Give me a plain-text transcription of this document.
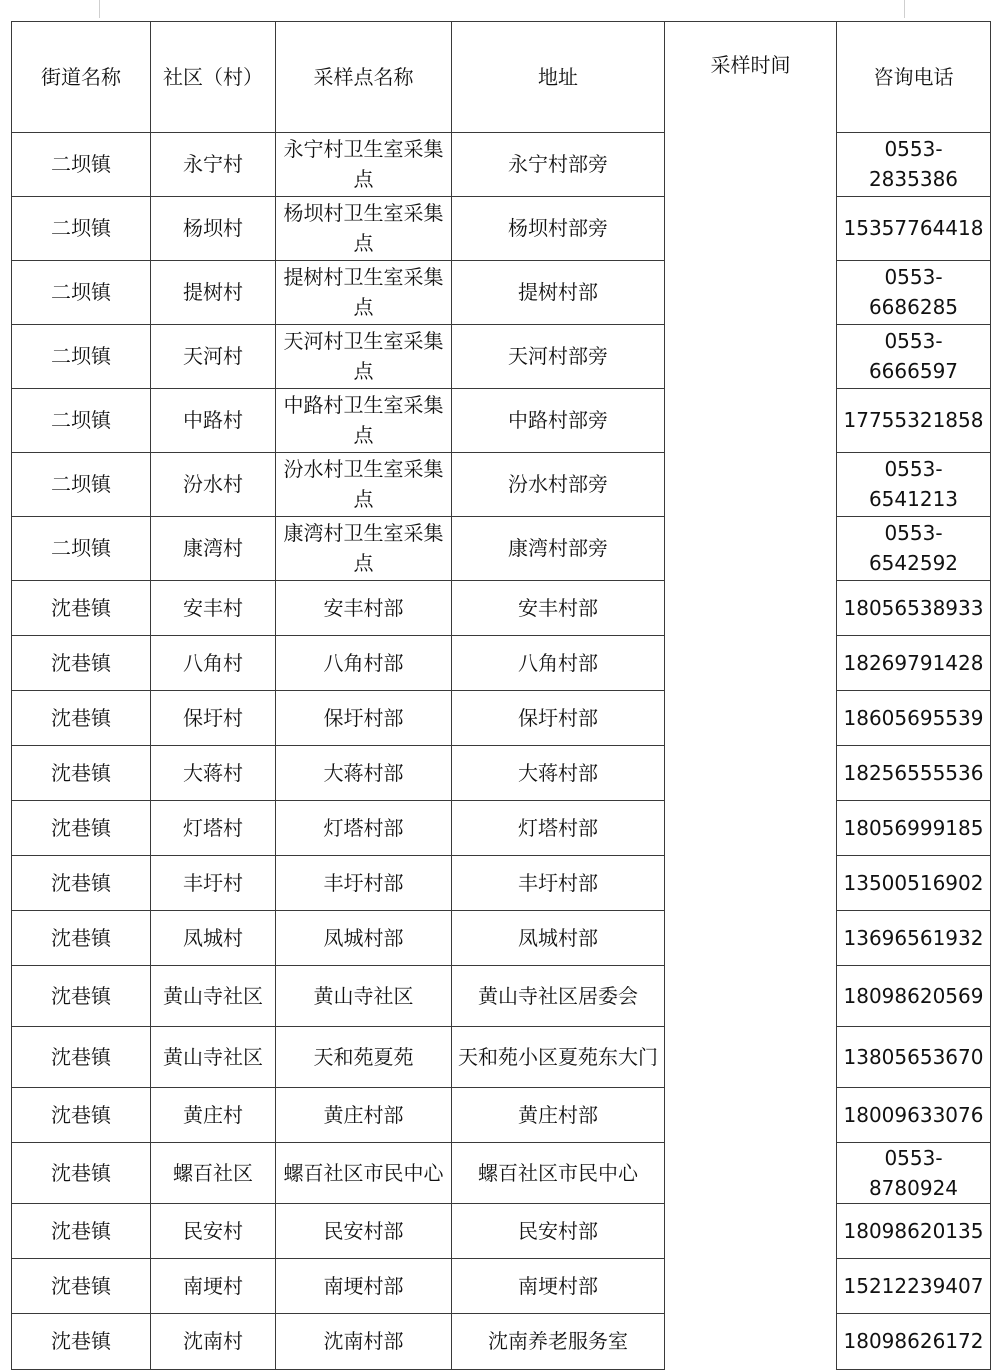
街道名称	社区（村）	采样点名称	地址	采样时间	咨询电话
二坝镇	永宁村	永宁村卫生室采集点	永宁村部旁		0553-2835386
二坝镇	杨坝村	杨坝村卫生室采集点	杨坝村部旁		15357764418
二坝镇	提树村	提树村卫生室采集点	提树村部		0553-6686285
二坝镇	天河村	天河村卫生室采集点	天河村部旁		0553-6666597
二坝镇	中路村	中路村卫生室采集点	中路村部旁		17755321858
二坝镇	汾水村	汾水村卫生室采集点	汾水村部旁		0553-6541213
二坝镇	康湾村	康湾村卫生室采集点	康湾村部旁		0553-6542592
沈巷镇	安丰村	安丰村部	安丰村部		18056538933
沈巷镇	八角村	八角村部	八角村部		18269791428
沈巷镇	保圩村	保圩村部	保圩村部		18605695539
沈巷镇	大蒋村	大蒋村部	大蒋村部		18256555536
沈巷镇	灯塔村	灯塔村部	灯塔村部		18056999185
沈巷镇	丰圩村	丰圩村部	丰圩村部		13500516902
沈巷镇	凤城村	凤城村部	凤城村部		13696561932
沈巷镇	黄山寺社区	黄山寺社区	黄山寺社区居委会		18098620569
沈巷镇	黄山寺社区	天和苑夏苑	天和苑小区夏苑东大门		13805653670
沈巷镇	黄庄村	黄庄村部	黄庄村部		18009633076
沈巷镇	螺百社区	螺百社区市民中心	螺百社区市民中心		0553-8780924
沈巷镇	民安村	民安村部	民安村部		18098620135
沈巷镇	南埂村	南埂村部	南埂村部		15212239407
沈巷镇	沈南村	沈南村部	沈南养老服务室		18098626172
